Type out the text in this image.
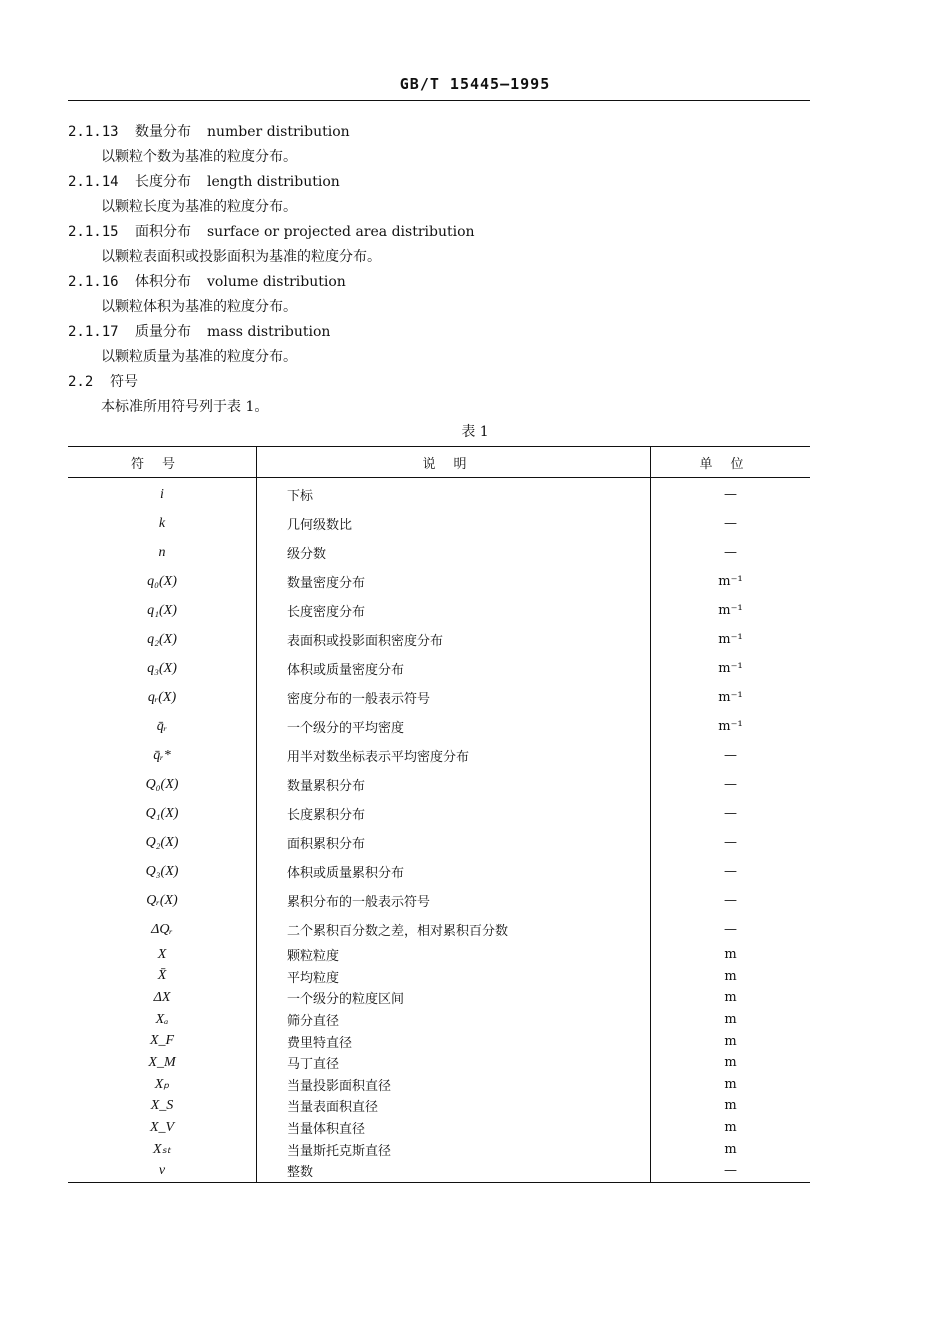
GB/T 15445—1995
2.1.13 数量分布 number distribution
以颗粒个数为基准的粒度分布。
2.1.14 长度分布 length distribution
以颗粒长度为基准的粒度分布。
2.1.15 面积分布 surface or projected area distribution
以颗粒表面积或投影面积为基准的粒度分布。
2.1.16 体积分布 volume distribution
以颗粒体积为基准的粒度分布。
2.1.17 质量分布 mass distribution
以颗粒质量为基准的粒度分布。
2.2 符号
本标准所用符号列于表 1。
表 1
符号	说明	单位
i	下标	—
k	几何级数比	—
n	级分数	—
q₀(X)	数量密度分布	m⁻¹
q₁(X)	长度密度分布	m⁻¹
q₂(X)	表面积或投影面积密度分布	m⁻¹
q₃(X)	体积或质量密度分布	m⁻¹
qᵣ(X)	密度分布的一般表示符号	m⁻¹
q̄ᵣ	一个级分的平均密度	m⁻¹
q̄ᵣ*	用半对数坐标表示平均密度分布	—
Q₀(X)	数量累积分布	—
Q₁(X)	长度累积分布	—
Q₂(X)	面积累积分布	—
Q₃(X)	体积或质量累积分布	—
Qᵣ(X)	累积分布的一般表示符号	—
ΔQᵣ	二个累积百分数之差，相对累积百分数	—
X	颗粒粒度	m
X̄	平均粒度	m
ΔX	一个级分的粒度区间	m
Xₐ	筛分直径	m
X_F	费里特直径	m
X_M	马丁直径	m
Xₚ	当量投影面积直径	m
X_S	当量表面积直径	m
X_V	当量体积直径	m
Xₛₜ	当量斯托克斯直径	m
v	整数	—
